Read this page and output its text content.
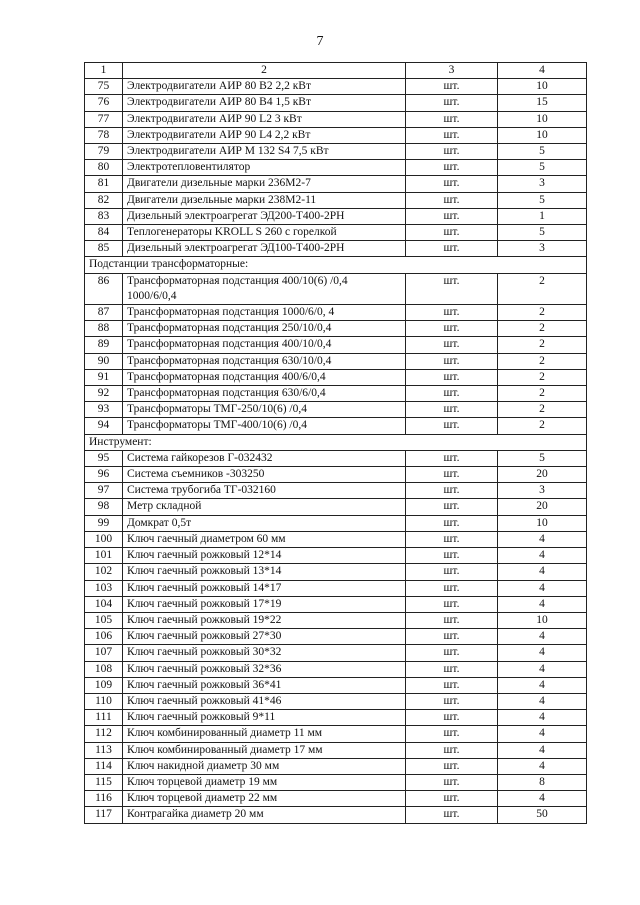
7
1	2	3	4
75	Электродвигатели АИР 80 В2 2,2 кВт	шт.	10
76	Электродвигатели АИР 80 В4 1,5 кВт	шт.	15
77	Электродвигатели АИР 90 L2 3 кВт	шт.	10
78	Электродвигатели АИР 90 L4 2,2 кВт	шт.	10
79	Электродвигатели АИР М 132 S4 7,5 кВт	шт.	5
80	Электротепловентилятор	шт.	5
81	Двигатели дизельные марки 236М2-7	шт.	3
82	Двигатели дизельные марки 238М2-11	шт.	5
83	Дизельный электроагрегат ЭД200-Т400-2РН	шт.	1
84	Теплогенераторы KROLL S 260 с горелкой	шт.	5
85	Дизельный электроагрегат ЭД100-Т400-2РН	шт.	3
Подстанции трансформаторные:			
86	Трансформаторная подстанция 400/10(6) /0,4
1000/6/0,4	шт.	2
87	Трансформаторная подстанция 1000/6/0, 4	шт.	2
88	Трансформаторная подстанция 250/10/0,4	шт.	2
89	Трансформаторная подстанция 400/10/0,4	шт.	2
90	Трансформаторная подстанция 630/10/0,4	шт.	2
91	Трансформаторная подстанция 400/6/0,4	шт.	2
92	Трансформаторная подстанция 630/6/0,4	шт.	2
93	Трансформаторы ТМГ-250/10(6) /0,4	шт.	2
94	Трансформаторы ТМГ-400/10(6) /0,4	шт.	2
Инструмент:			
95	Система гайкорезов Г-032432	шт.	5
96	Система съемников -303250	шт.	20
97	Система трубогиба ТГ-032160	шт.	3
98	Метр складной	шт.	20
99	Домкрат 0,5т	шт.	10
100	Ключ гаечный диаметром 60 мм	шт.	4
101	Ключ гаечный рожковый 12*14	шт.	4
102	Ключ гаечный рожковый 13*14	шт.	4
103	Ключ гаечный рожковый 14*17	шт.	4
104	Ключ гаечный рожковый 17*19	шт.	4
105	Ключ гаечный рожковый 19*22	шт.	10
106	Ключ гаечный рожковый 27*30	шт.	4
107	Ключ гаечный рожковый 30*32	шт.	4
108	Ключ гаечный рожковый 32*36	шт.	4
109	Ключ гаечный рожковый 36*41	шт.	4
110	Ключ гаечный рожковый 41*46	шт.	4
111	Ключ гаечный рожковый 9*11	шт.	4
112	Ключ комбинированный диаметр 11 мм	шт.	4
113	Ключ комбинированный диаметр 17 мм	шт.	4
114	Ключ накидной диаметр 30 мм	шт.	4
115	Ключ торцевой диаметр 19 мм	шт.	8
116	Ключ торцевой диаметр 22 мм	шт.	4
117	Контрагайка диаметр 20 мм	шт.	50
